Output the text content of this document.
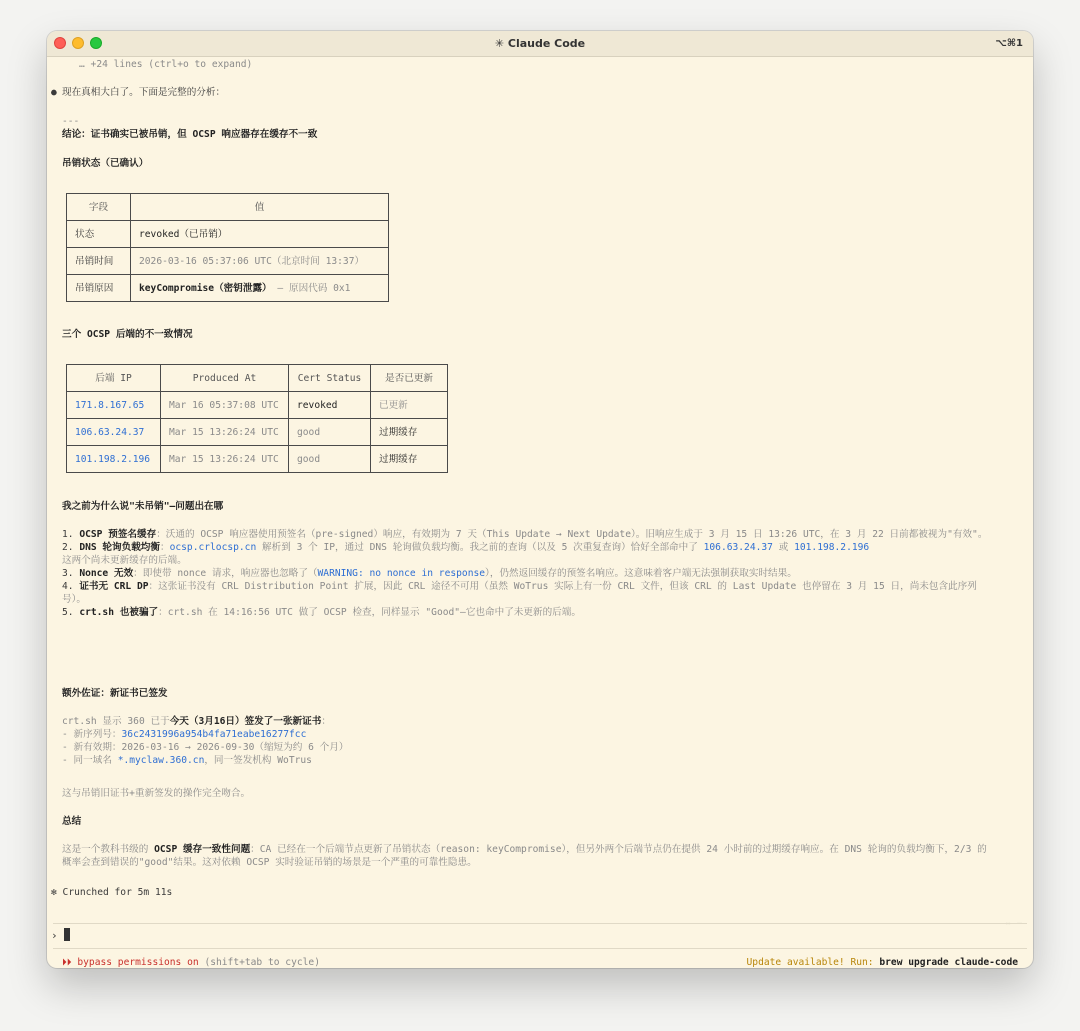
✳ Claude Code	⌥⌘1
… +24 lines (ctrl+o to expand)
● 现在真相大白了。下面是完整的分析：
---
结论：证书确实已被吊销，但 OCSP 响应器存在缓存不一致
吊销状态（已确认）
字段	值
状态	revoked（已吊销）
吊销时间	2026-03-16 05:37:06 UTC（北京时间 13:37）
吊销原因	keyCompromise（密钥泄露） — 原因代码 0x1
三个 OCSP 后端的不一致情况
后端 IP	Produced At	Cert Status	是否已更新
171.8.167.65	Mar 16 05:37:08 UTC	revoked	已更新
106.63.24.37	Mar 15 13:26:24 UTC	good	过期缓存
101.198.2.196	Mar 15 13:26:24 UTC	good	过期缓存
我之前为什么说"未吊销"—问题出在哪
1. OCSP 预签名缓存：沃通的 OCSP 响应器使用预签名（pre-signed）响应，有效期为 7 天（This Update → Next Update）。旧响应生成于 3 月 15 日 13:26 UTC，在 3 月 22 日前都被视为"有效"。
2. DNS 轮询负载均衡：ocsp.crlocsp.cn 解析到 3 个 IP，通过 DNS 轮询做负载均衡。我之前的查询（以及 5 次重复查询）恰好全部命中了 106.63.24.37 或 101.198.2.196
这两个尚未更新缓存的后端。
3. Nonce 无效：即使带 nonce 请求，响应器也忽略了（WARNING: no nonce in response），仍然返回缓存的预签名响应。这意味着客户端无法强制获取实时结果。
4. 证书无 CRL DP：这张证书没有 CRL Distribution Point 扩展，因此 CRL 途径不可用（虽然 WoTrus 实际上有一份 CRL 文件，但该 CRL 的 Last Update 也停留在 3 月 15 日，尚未包含此序列号）。
5. crt.sh 也被骗了：crt.sh 在 14:16:56 UTC 做了 OCSP 检查，同样显示 "Good"—它也命中了未更新的后端。
额外佐证：新证书已签发
crt.sh 显示 360 已于今天（3月16日）签发了一张新证书：
- 新序列号：36c2431996a954b4fa71eabe16277fcc
- 新有效期：2026-03-16 → 2026-09-30（缩短为约 6 个月）
- 同一域名 *.myclaw.360.cn，同一签发机构 WoTrus
这与吊销旧证书+重新签发的操作完全吻合。
总结
这是一个教科书级的 OCSP 缓存一致性问题：CA 已经在一个后端节点更新了吊销状态（reason: keyCompromise），但另外两个后端节点仍在提供 24 小时前的过期缓存响应。在 DNS 轮询的负载均衡下，2/3 的概率会查到错误的"good"结果。这对依赖 OCSP 实时验证吊销的场景是一个严重的可靠性隐患。
✻ Crunched for 5m 11s
›
⏵⏵ bypass permissions on (shift+tab to cycle)	Update available! Run: brew upgrade claude-code
